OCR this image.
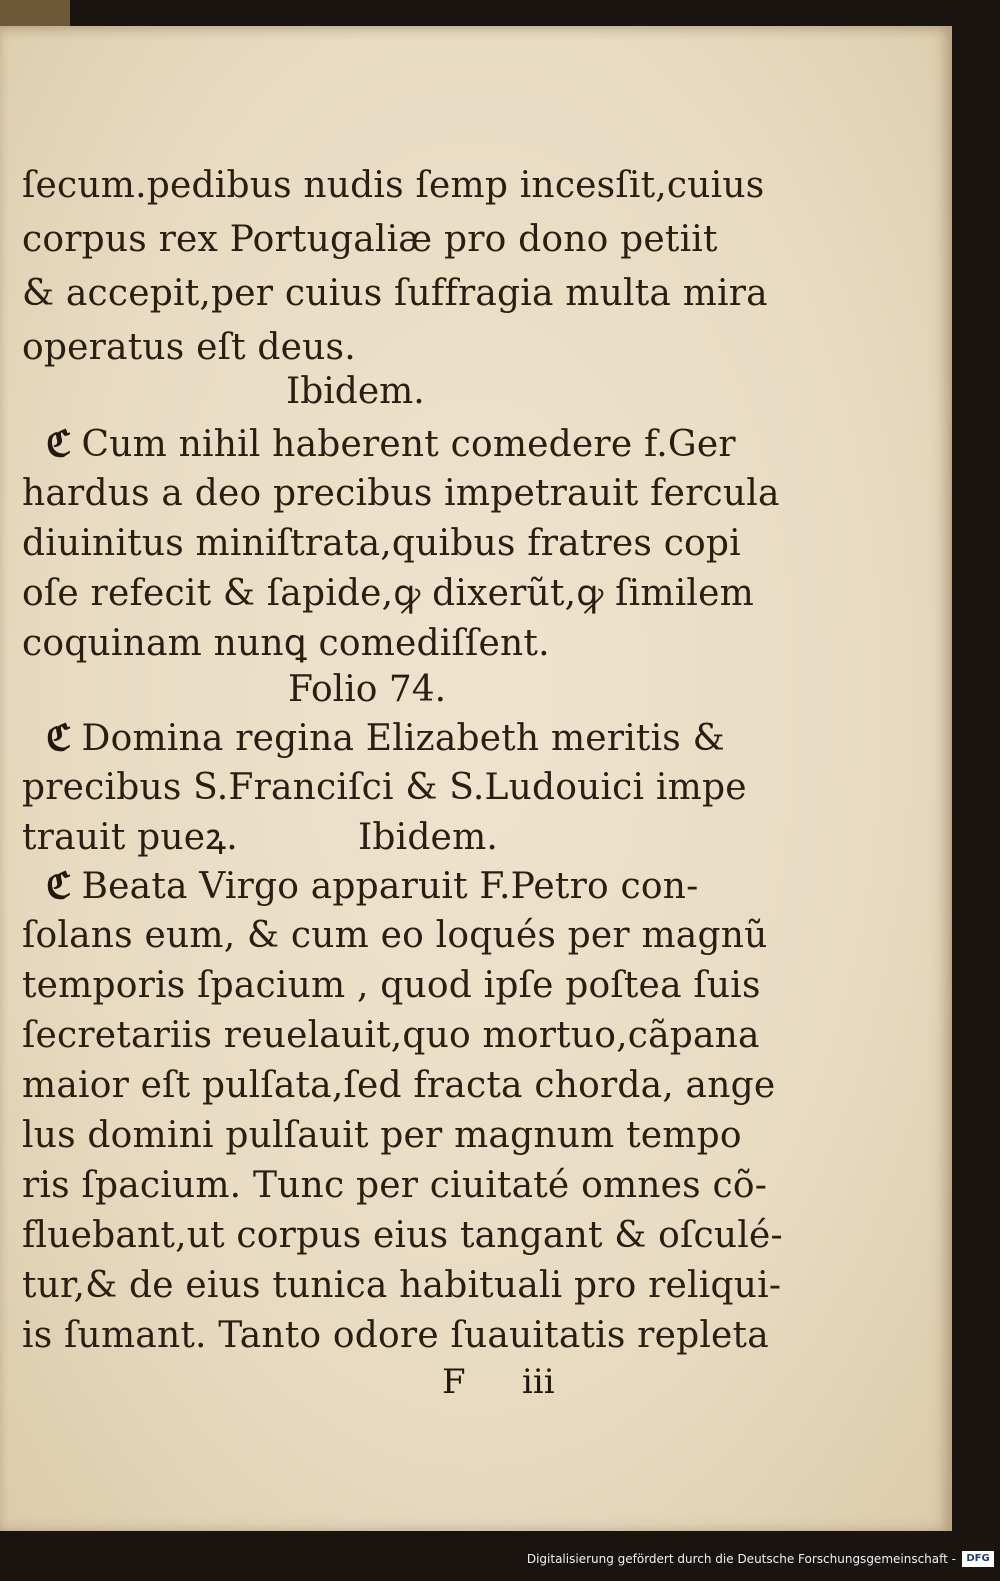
ſecum.pedibus nudis ſemp incesſit,cuius

corpus rex Portugaliæ pro dono petiit

& accepit,per cuius ſuffragia multa mira

operatus eſt deus.

Ibidem.

ℭ Cum nihil haberent comedere f.Ger

hardus a deo precibus impetrauit fercula

diuinitus miniſtrata,quibus fratres copi

oſe refecit & ſapide,ꝙ dixerũt,ꝙ ſimilem

coquinam nunꝗ comediſſent.

Folio 74.

ℭ Domina regina Elizabeth meritis &

precibus S.Franciſci & S.Ludouici impe

trauit pueꝝ.	Ibidem.

ℭ Beata Virgo apparuit F.Petro con-

ſolans eum, & cum eo loqués per magnũ

temporis ſpacium , quod ipſe poſtea ſuis

ſecretariis reuelauit,quo mortuo,cãpana

maior eſt pulſata,ſed fracta chorda, ange

lus domini pulſauit per magnum tempo

ris ſpacium. Tunc per ciuitaté omnes cõ-

fluebant,ut corpus eius tangant & oſculé-

tur,& de eius tunica habituali pro reliqui-

is ſumant. Tanto odore ſuauitatis repleta

F iii

Digitalisierung gefördert durch die Deutsche Forschungsgemeinschaft -	DFG
